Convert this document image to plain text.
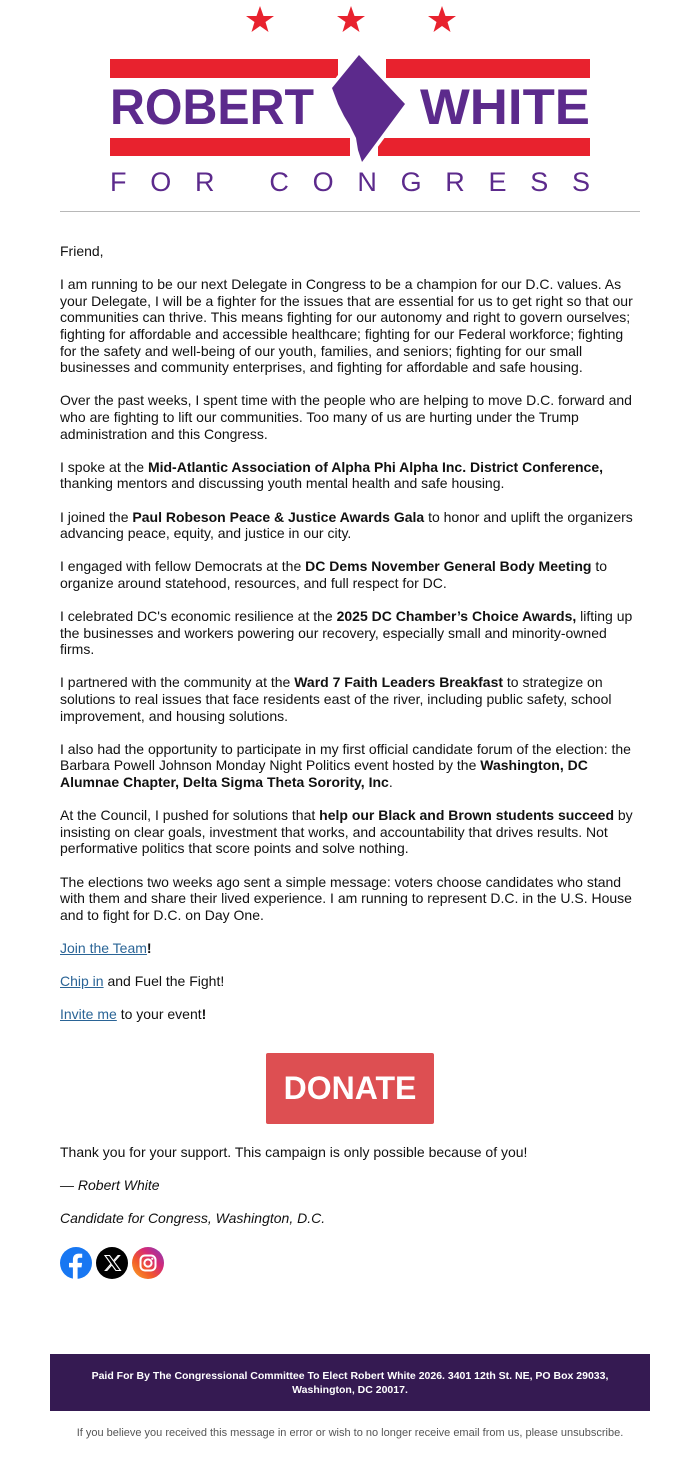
ROBERT WHITE
F O R   C O N G R E S S

Friend,

I am running to be our next Delegate in Congress to be a champion for our D.C. values. As your Delegate, I will be a fighter for the issues that are essential for us to get right so that our communities can thrive. This means fighting for our autonomy and right to govern ourselves; fighting for affordable and accessible healthcare; fighting for our Federal workforce; fighting for the safety and well-being of our youth, families, and seniors; fighting for our small businesses and community enterprises, and fighting for affordable and safe housing.

Over the past weeks, I spent time with the people who are helping to move D.C. forward and who are fighting to lift our communities. Too many of us are hurting under the Trump administration and this Congress.

I spoke at the Mid-Atlantic Association of Alpha Phi Alpha Inc. District Conference, thanking mentors and discussing youth mental health and safe housing.

I joined the Paul Robeson Peace & Justice Awards Gala to honor and uplift the organizers advancing peace, equity, and justice in our city.

I engaged with fellow Democrats at the DC Dems November General Body Meeting to organize around statehood, resources, and full respect for DC.

I celebrated DC's economic resilience at the 2025 DC Chamber’s Choice Awards, lifting up the businesses and workers powering our recovery, especially small and minority-owned firms.

I partnered with the community at the Ward 7 Faith Leaders Breakfast to strategize on solutions to real issues that face residents east of the river, including public safety, school improvement, and housing solutions.

I also had the opportunity to participate in my first official candidate forum of the election: the Barbara Powell Johnson Monday Night Politics event hosted by the Washington, DC Alumnae Chapter, Delta Sigma Theta Sorority, Inc.

At the Council, I pushed for solutions that help our Black and Brown students succeed by insisting on clear goals, investment that works, and accountability that drives results. Not performative politics that score points and solve nothing.

The elections two weeks ago sent a simple message: voters choose candidates who stand with them and share their lived experience. I am running to represent D.C. in the U.S. House and to fight for D.C. on Day One.

Join the Team!

Chip in and Fuel the Fight!

Invite me to your event!

DONATE

Thank you for your support. This campaign is only possible because of you!

— Robert White

Candidate for Congress, Washington, D.C.

Paid For By The Congressional Committee To Elect Robert White 2026. 3401 12th St. NE, PO Box 29033, Washington, DC 20017.
If you believe you received this message in error or wish to no longer receive email from us, please unsubscribe.
